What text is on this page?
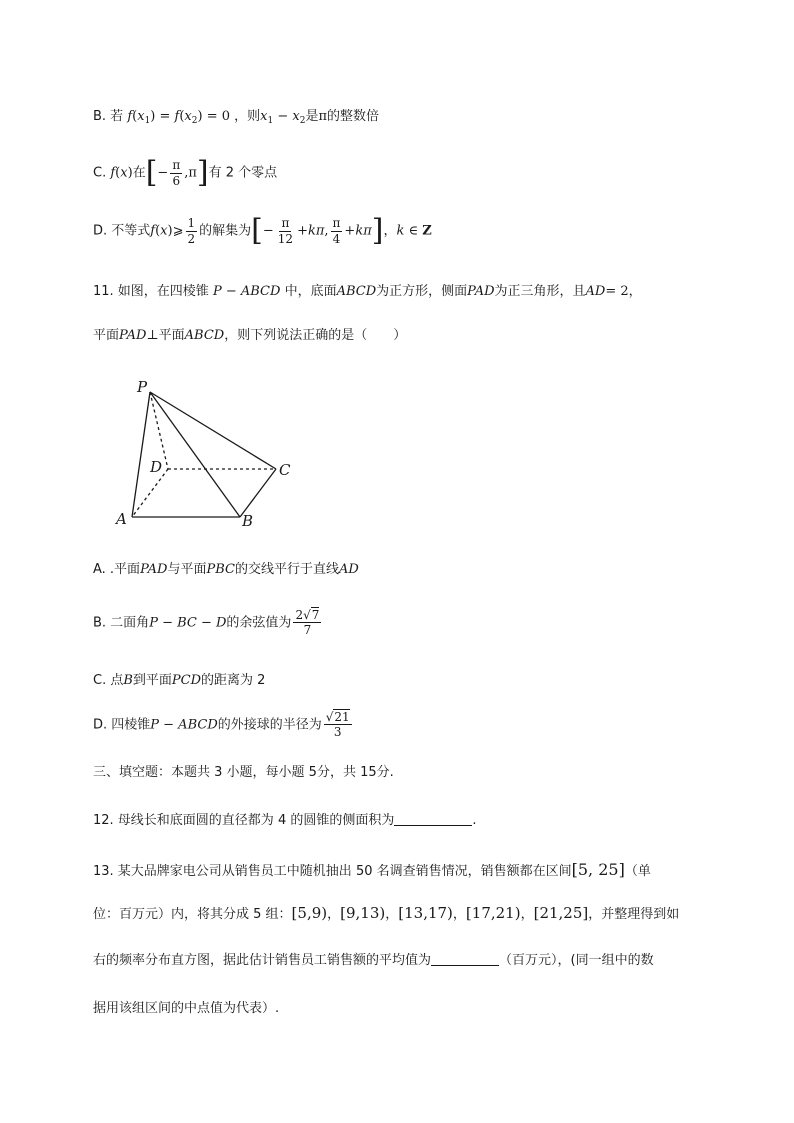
B. 若 $f(x_1) = f(x_2) = 0$ ，则$x_1 - x_2$是π的整数倍
C. f(x)在[− $\frac{\pi}{6} ,\pi$]有 2 个零点
D. 不等式f(x)⩾ $\frac{1}{2}$ 的解集为[− $\frac{\pi}{12} +k\pi$, $\frac{\pi}{4} +k\pi$]，k ∈ Z
11. 如图，在四棱锥 P − ABCD 中，底面ABCD为正方形，侧面PAD为正三角形，且AD= 2，
平面PAD⊥平面ABCD，则下列说法正确的是（　　）
P
D	C
A	B
A. .平面PAD与平面PBC的交线平行于直线AD
B. 二面角P − BC − D的余弦值为 $\frac{2√7}{7}$
C. 点B到平面PCD的距离为 2
D. 四棱锥P − ABCD的外接球的半径为 $\frac{√21}{3}$
三、填空题：本题共 3 小题，每小题 5分，共 15分.
12. 母线长和底面圆的直径都为 4 的圆锥的侧面积为	.
13. 某大品牌家电公司从销售员工中随机抽出 50 名调查销售情况，销售额都在区间[5, 25]（单
位：百万元）内，将其分成 5 组：[5,9)，[9,13)，[13,17)，[17,21)，[21,25]，并整理得到如
右的频率分布直方图，据此估计销售员工销售额的平均值为	（百万元），(同一组中的数
据用该组区间的中点值为代表）.
